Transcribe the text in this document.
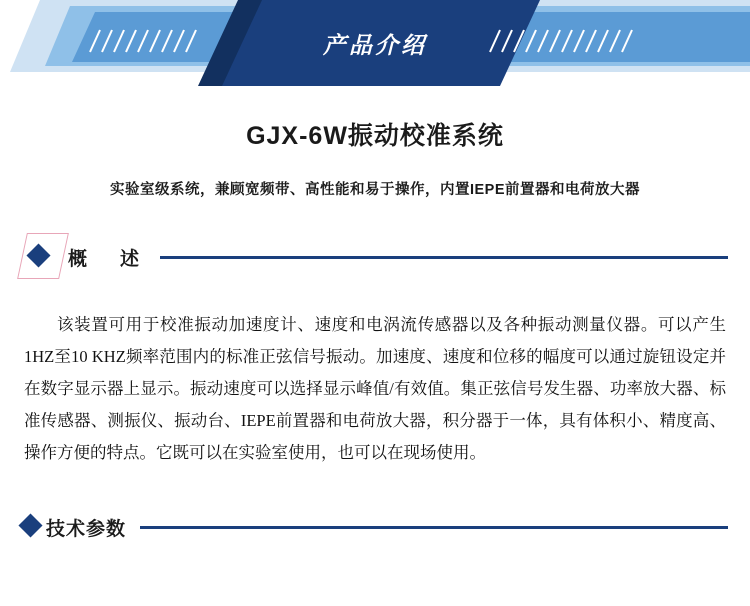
产品介绍
GJX-6W振动校准系统
实验室级系统，兼顾宽频带、高性能和易于操作，内置IEPE前置器和电荷放大器
概　述
该装置可用于校准振动加速度计、速度和电涡流传感器以及各种振动测量仪器。可以产生1HZ至10 KHZ频率范围内的标准正弦信号振动。加速度、速度和位移的幅度可以通过旋钮设定并在数字显示器上显示。振动速度可以选择显示峰值/有效值。集正弦信号发生器、功率放大器、标准传感器、测振仪、振动台、IEPE前置器和电荷放大器，积分器于一体，具有体积小、精度高、操作方便的特点。它既可以在实验室使用，也可以在现场使用。
技术参数
